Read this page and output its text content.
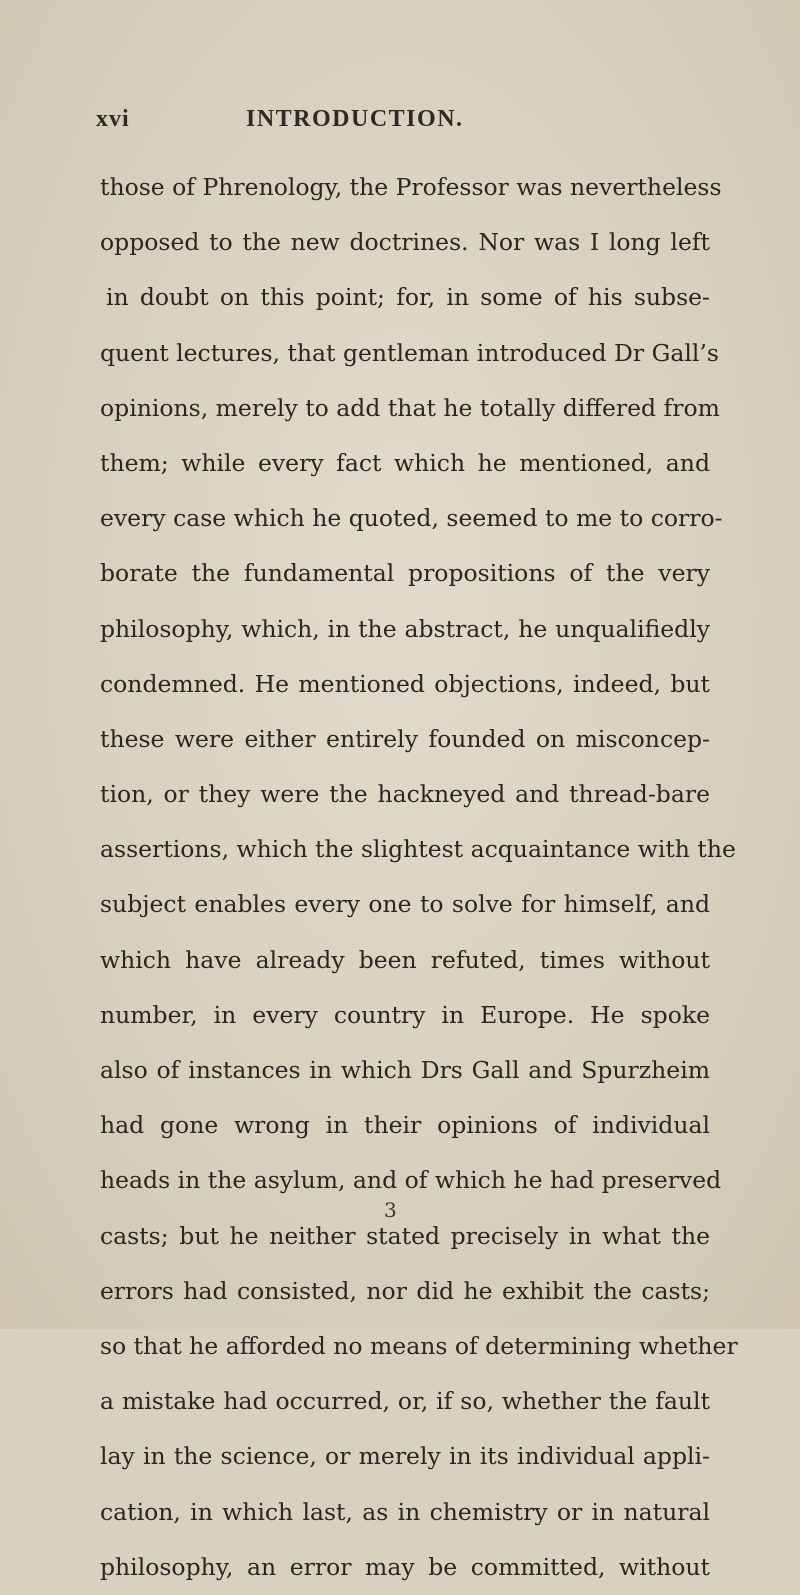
xvi	INTRODUCTION.
those of Phrenology, the Professor was nevertheless
opposed to the new doctrines. Nor was I long left
in doubt on this point; for, in some of his subse-
quent lectures, that gentleman introduced Dr Gall’s
opinions, merely to add that he totally differed from
them; while every fact which he mentioned, and
every case which he quoted, seemed to me to corro-
borate the fundamental propositions of the very
philosophy, which, in the abstract, he unqualifiedly
condemned. He mentioned objections, indeed, but
these were either entirely founded on misconcep-
tion, or they were the hackneyed and thread-bare
assertions, which the slightest acquaintance with the
subject enables every one to solve for himself, and
which have already been refuted, times without
number, in every country in Europe. He spoke
also of instances in which Drs Gall and Spurzheim
had gone wrong in their opinions of individual
heads in the asylum, and of which he had preserved
casts; but he neither stated precisely in what the
errors had consisted, nor did he exhibit the casts;
so that he afforded no means of determining whether
a mistake had occurred, or, if so, whether the fault
lay in the science, or merely in its individual appli-
cation, in which last, as in chemistry or in natural
philosophy, an error may be committed, without
3
